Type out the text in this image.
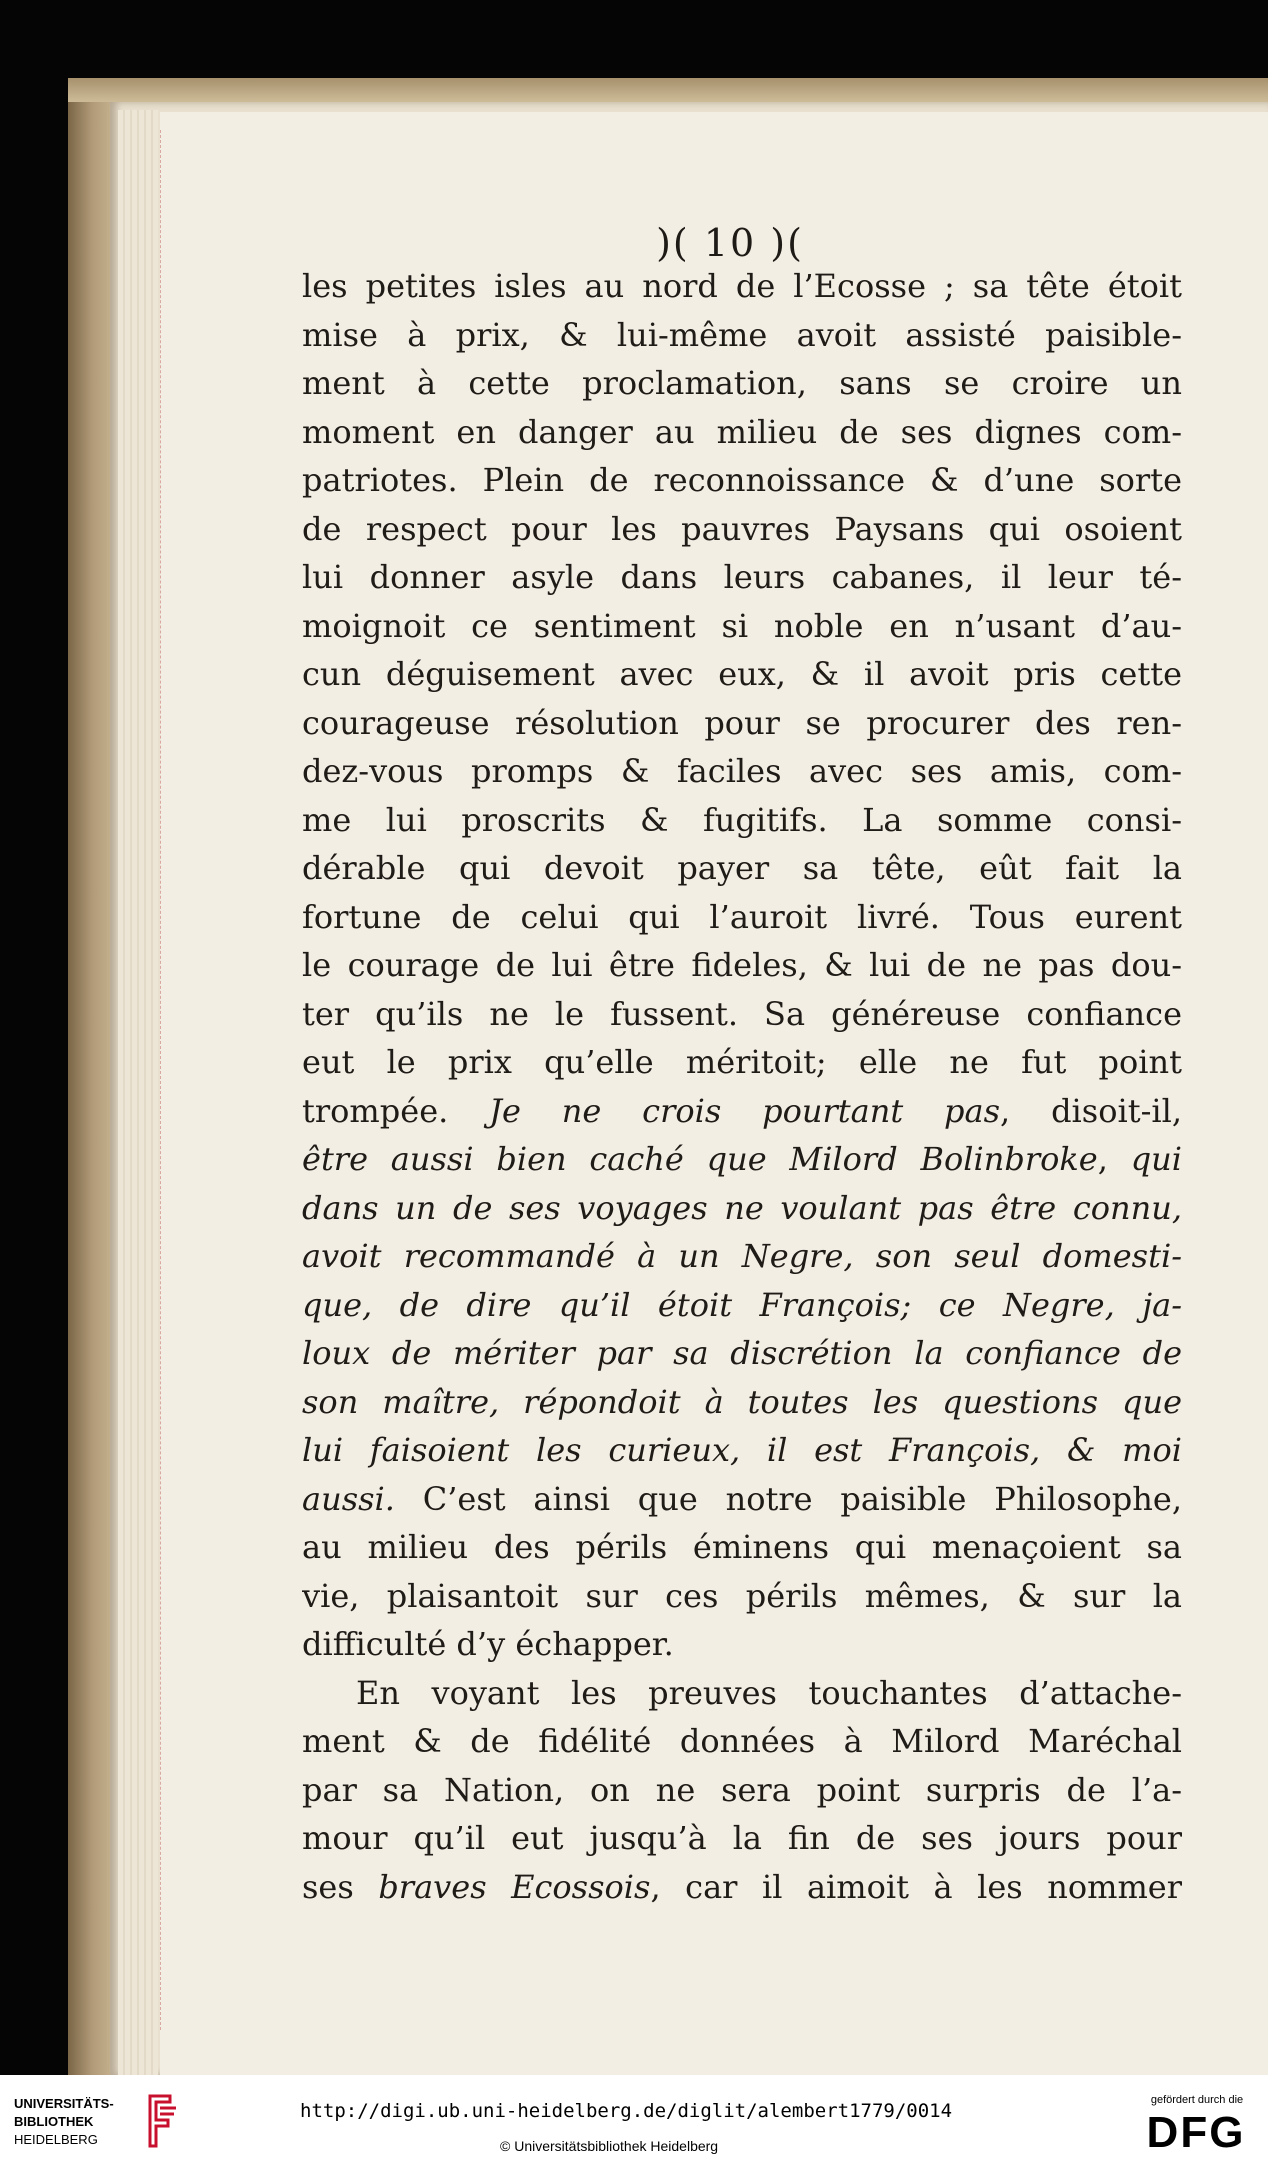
)( 10 )(
les petites isles au nord de l’Ecosse ; sa tête étoit
mise à prix, & lui-même avoit assisté paisible-
ment à cette proclamation, sans se croire un
moment en danger au milieu de ses dignes com-
patriotes. Plein de reconnoissance & d’une sorte
de respect pour les pauvres Paysans qui osoient
lui donner asyle dans leurs cabanes, il leur té-
moignoit ce sentiment si noble en n’usant d’au-
cun déguisement avec eux, & il avoit pris cette
courageuse résolution pour se procurer des ren-
dez-vous promps & faciles avec ses amis, com-
me lui proscrits & fugitifs. La somme consi-
dérable qui devoit payer sa tête, eût fait la
fortune de celui qui l’auroit livré. Tous eurent
le courage de lui être fideles, & lui de ne pas dou-
ter qu’ils ne le fussent. Sa généreuse confiance
eut le prix qu’elle méritoit; elle ne fut point
trompée. Je ne crois pourtant pas, disoit-il,
être aussi bien caché que Milord Bolinbroke, qui
dans un de ses voyages ne voulant pas être connu,
avoit recommandé à un Negre, son seul domesti-
que, de dire qu’il étoit François; ce Negre, ja-
loux de mériter par sa discrétion la confiance de
son maître, répondoit à toutes les questions que
lui faisoient les curieux, il est François, & moi
aussi. C’est ainsi que notre paisible Philosophe,
au milieu des périls éminens qui menaçoient sa
vie, plaisantoit sur ces périls mêmes, & sur la
difficulté d’y échapper.
En voyant les preuves touchantes d’attache-
ment & de fidélité données à Milord Maréchal
par sa Nation, on ne sera point surpris de l’a-
mour qu’il eut jusqu’à la fin de ses jours pour
ses braves Ecossois, car il aimoit à les nommer
UNIVERSITÄTS-
BIBLIOTHEK
HEIDELBERG
http://digi.ub.uni-heidelberg.de/diglit/alembert1779/0014
© Universitätsbibliothek Heidelberg
gefördert durch die
DFG
